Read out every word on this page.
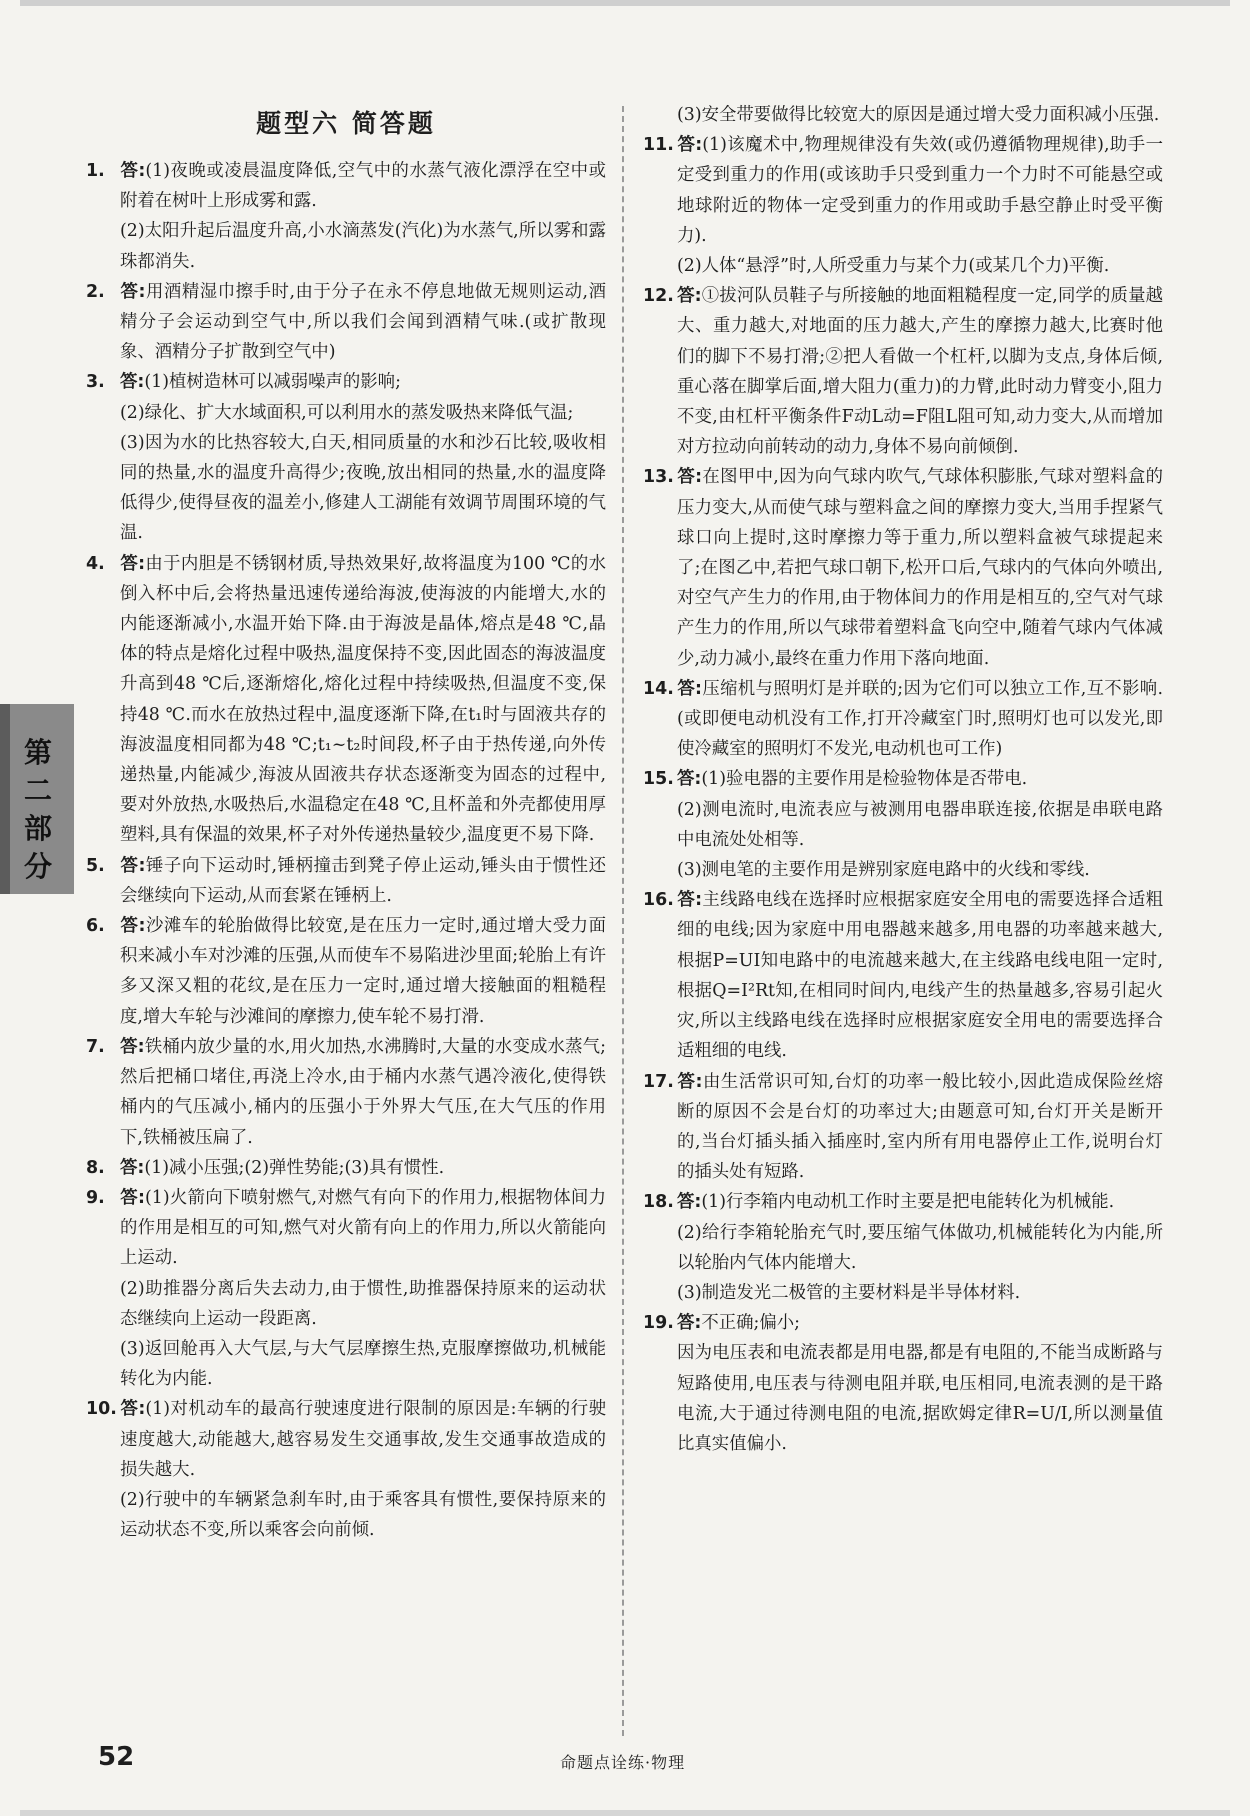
题型六 简答题

1. 答:(1)夜晚或凌晨温度降低,空气中的水蒸气液化漂浮在空中或附着在树叶上形成雾和露.

(2)太阳升起后温度升高,小水滴蒸发(汽化)为水蒸气,所以雾和露珠都消失.

2. 答:用酒精湿巾擦手时,由于分子在永不停息地做无规则运动,酒精分子会运动到空气中,所以我们会闻到酒精气味.(或扩散现象、酒精分子扩散到空气中)

3. 答:(1)植树造林可以减弱噪声的影响;

(2)绿化、扩大水域面积,可以利用水的蒸发吸热来降低气温;

(3)因为水的比热容较大,白天,相同质量的水和沙石比较,吸收相同的热量,水的温度升高得少;夜晚,放出相同的热量,水的温度降低得少,使得昼夜的温差小,修建人工湖能有效调节周围环境的气温.

4. 答:由于内胆是不锈钢材质,导热效果好,故将温度为100 ℃的水倒入杯中后,会将热量迅速传递给海波,使海波的内能增大,水的内能逐渐减小,水温开始下降.由于海波是晶体,熔点是48 ℃,晶体的特点是熔化过程中吸热,温度保持不变,因此固态的海波温度升高到48 ℃后,逐渐熔化,熔化过程中持续吸热,但温度不变,保持48 ℃.而水在放热过程中,温度逐渐下降,在t₁时与固液共存的海波温度相同都为48 ℃;t₁~t₂时间段,杯子由于热传递,向外传递热量,内能减少,海波从固液共存状态逐渐变为固态的过程中,要对外放热,水吸热后,水温稳定在48 ℃,且杯盖和外壳都使用厚塑料,具有保温的效果,杯子对外传递热量较少,温度更不易下降.

5. 答:锤子向下运动时,锤柄撞击到凳子停止运动,锤头由于惯性还会继续向下运动,从而套紧在锤柄上.

6. 答:沙滩车的轮胎做得比较宽,是在压力一定时,通过增大受力面积来减小车对沙滩的压强,从而使车不易陷进沙里面;轮胎上有许多又深又粗的花纹,是在压力一定时,通过增大接触面的粗糙程度,增大车轮与沙滩间的摩擦力,使车轮不易打滑.

7. 答:铁桶内放少量的水,用火加热,水沸腾时,大量的水变成水蒸气;然后把桶口堵住,再浇上冷水,由于桶内水蒸气遇冷液化,使得铁桶内的气压减小,桶内的压强小于外界大气压,在大气压的作用下,铁桶被压扁了.

8. 答:(1)减小压强;(2)弹性势能;(3)具有惯性.

9. 答:(1)火箭向下喷射燃气,对燃气有向下的作用力,根据物体间力的作用是相互的可知,燃气对火箭有向上的作用力,所以火箭能向上运动.

(2)助推器分离后失去动力,由于惯性,助推器保持原来的运动状态继续向上运动一段距离.

(3)返回舱再入大气层,与大气层摩擦生热,克服摩擦做功,机械能转化为内能.

10. 答:(1)对机动车的最高行驶速度进行限制的原因是:车辆的行驶速度越大,动能越大,越容易发生交通事故,发生交通事故造成的损失越大.

(2)行驶中的车辆紧急刹车时,由于乘客具有惯性,要保持原来的运动状态不变,所以乘客会向前倾.

(3)安全带要做得比较宽大的原因是通过增大受力面积减小压强.

11. 答:(1)该魔术中,物理规律没有失效(或仍遵循物理规律),助手一定受到重力的作用(或该助手只受到重力一个力时不可能悬空或地球附近的物体一定受到重力的作用或助手悬空静止时受平衡力).

(2)人体“悬浮”时,人所受重力与某个力(或某几个力)平衡.

12. 答:①拔河队员鞋子与所接触的地面粗糙程度一定,同学的质量越大、重力越大,对地面的压力越大,产生的摩擦力越大,比赛时他们的脚下不易打滑;②把人看做一个杠杆,以脚为支点,身体后倾,重心落在脚掌后面,增大阻力(重力)的力臂,此时动力臂变小,阻力不变,由杠杆平衡条件F动L动=F阻L阻可知,动力变大,从而增加对方拉动向前转动的动力,身体不易向前倾倒.

13. 答:在图甲中,因为向气球内吹气,气球体积膨胀,气球对塑料盒的压力变大,从而使气球与塑料盒之间的摩擦力变大,当用手捏紧气球口向上提时,这时摩擦力等于重力,所以塑料盒被气球提起来了;在图乙中,若把气球口朝下,松开口后,气球内的气体向外喷出,对空气产生力的作用,由于物体间力的作用是相互的,空气对气球产生力的作用,所以气球带着塑料盒飞向空中,随着气球内气体减少,动力减小,最终在重力作用下落向地面.

14. 答:压缩机与照明灯是并联的;因为它们可以独立工作,互不影响.(或即便电动机没有工作,打开冷藏室门时,照明灯也可以发光,即使冷藏室的照明灯不发光,电动机也可工作)

15. 答:(1)验电器的主要作用是检验物体是否带电.

(2)测电流时,电流表应与被测用电器串联连接,依据是串联电路中电流处处相等.

(3)测电笔的主要作用是辨别家庭电路中的火线和零线.

16. 答:主线路电线在选择时应根据家庭安全用电的需要选择合适粗细的电线;因为家庭中用电器越来越多,用电器的功率越来越大,根据P=UI知电路中的电流越来越大,在主线路电线电阻一定时,根据Q=I²Rt知,在相同时间内,电线产生的热量越多,容易引起火灾,所以主线路电线在选择时应根据家庭安全用电的需要选择合适粗细的电线.

17. 答:由生活常识可知,台灯的功率一般比较小,因此造成保险丝熔断的原因不会是台灯的功率过大;由题意可知,台灯开关是断开的,当台灯插头插入插座时,室内所有用电器停止工作,说明台灯的插头处有短路.

18. 答:(1)行李箱内电动机工作时主要是把电能转化为机械能.

(2)给行李箱轮胎充气时,要压缩气体做功,机械能转化为内能,所以轮胎内气体内能增大.

(3)制造发光二极管的主要材料是半导体材料.

19. 答:不正确;偏小;

因为电压表和电流表都是用电器,都是有电阻的,不能当成断路与短路使用,电压表与待测电阻并联,电压相同,电流表测的是干路电流,大于通过待测电阻的电流,据欧姆定律R=U/I,所以测量值比真实值偏小.

第
二
部
分
52	命题点诠练·物理
